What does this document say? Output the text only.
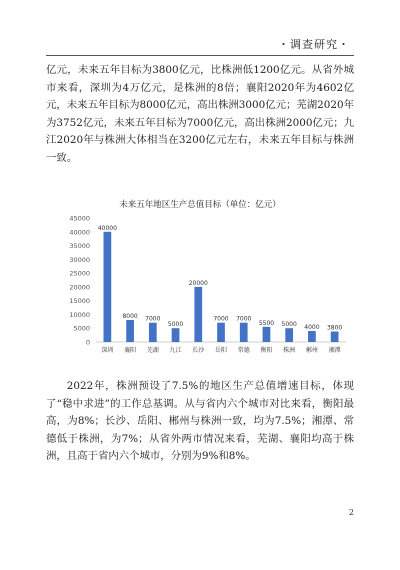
・调查研究・

亿元，未来五年目标为3800亿元，比株洲低1200亿元。从省外城市来看，深圳为4万亿元，是株洲的8倍；襄阳2020年为4602亿元，未来五年目标为8000亿元，高出株洲3000亿元；芜湖2020年为3752亿元，未来五年目标为7000亿元，高出株洲2000亿元；九江2020年与株洲大体相当在3200亿元左右，未来五年目标与株洲一致。

未来五年地区生产总值目标（单位：亿元）
0
5000
10000
15000
20000
25000
30000
35000
40000
45000
40000
深圳
8000
襄阳
7000
芜湖
5000
九江
20000
长沙
7000
岳阳
7000
常德
5500
衡阳
5000
株洲
4000
郴州
3800
湘潭

2022年，株洲预设了7.5%的地区生产总值增速目标，体现了“稳中求进”的工作总基调。从与省内六个城市对比来看，衡阳最高，为8%；长沙、岳阳、郴州与株洲一致，均为7.5%；湘潭、常德低于株洲，为7%；从省外两市情况来看，芜湖、襄阳均高于株洲，且高于省内六个城市，分别为9%和8%。

2
